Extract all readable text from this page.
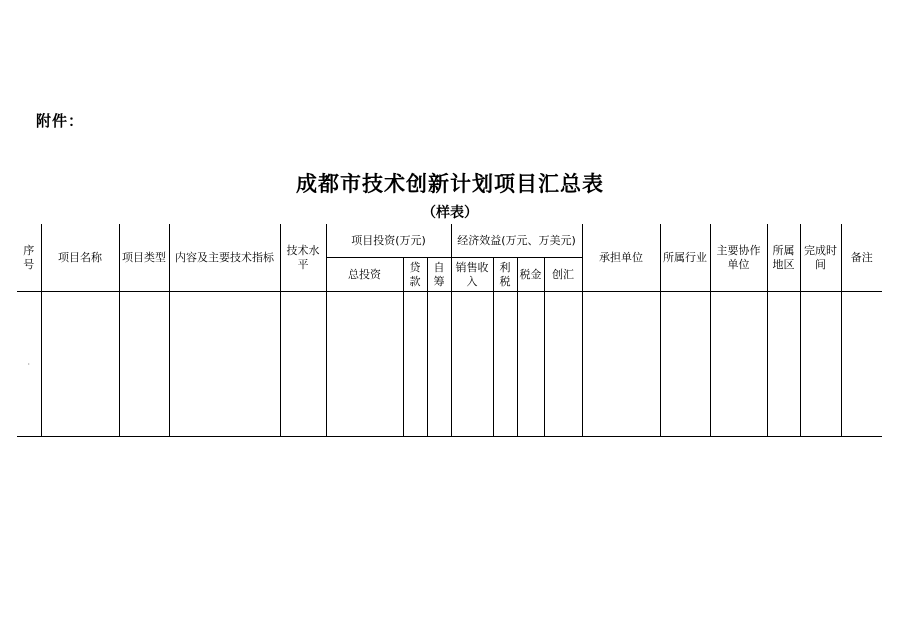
附件：
成都市技术创新计划项目汇总表
（样表）
序号	项目名称	项目类型	内容及主要技术指标	技术水平	项目投资(万元)			经济效益(万元、万美元)				承担单位	所属行业	主要协作单位	所属地区	完成时间	备注
					总投资	贷款	自筹	销售收入	利税	税金	创汇						
·																	
